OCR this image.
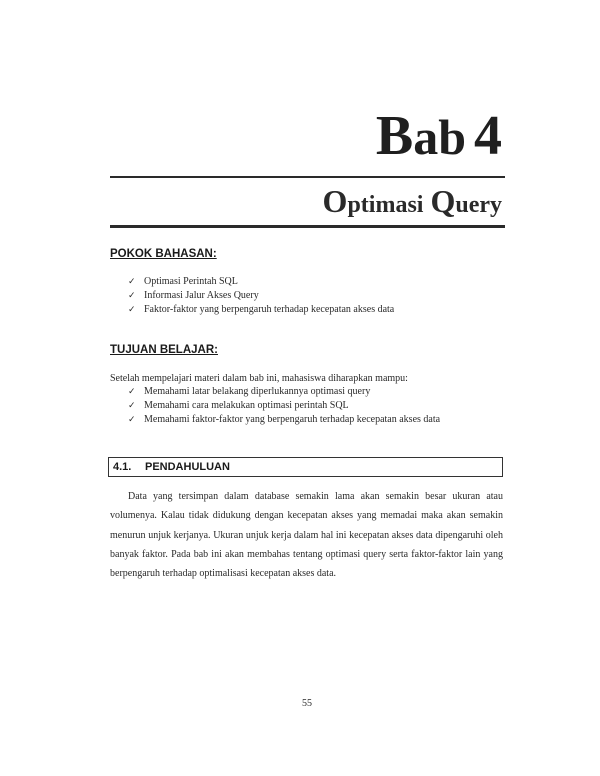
Bab 4
Optimasi Query
POKOK BAHASAN:
✓ Optimasi Perintah SQL
✓ Informasi Jalur Akses Query
✓ Faktor-faktor yang berpengaruh terhadap kecepatan akses data
TUJUAN BELAJAR:
Setelah mempelajari materi dalam bab ini, mahasiswa diharapkan mampu:
✓ Memahami latar belakang diperlukannya optimasi query
✓ Memahami cara melakukan optimasi perintah SQL
✓ Memahami faktor-faktor yang berpengaruh terhadap kecepatan akses data
4.1. PENDAHULUAN

Data yang tersimpan dalam database semakin lama akan semakin besar ukuran atau volumenya. Kalau tidak didukung dengan kecepatan akses yang memadai maka akan semakin menurun unjuk kerjanya. Ukuran unjuk kerja dalam hal ini kecepatan akses data dipengaruhi oleh banyak faktor. Pada bab ini akan membahas tentang optimasi query serta faktor-faktor lain yang berpengaruh terhadap optimalisasi kecepatan akses data.

55
